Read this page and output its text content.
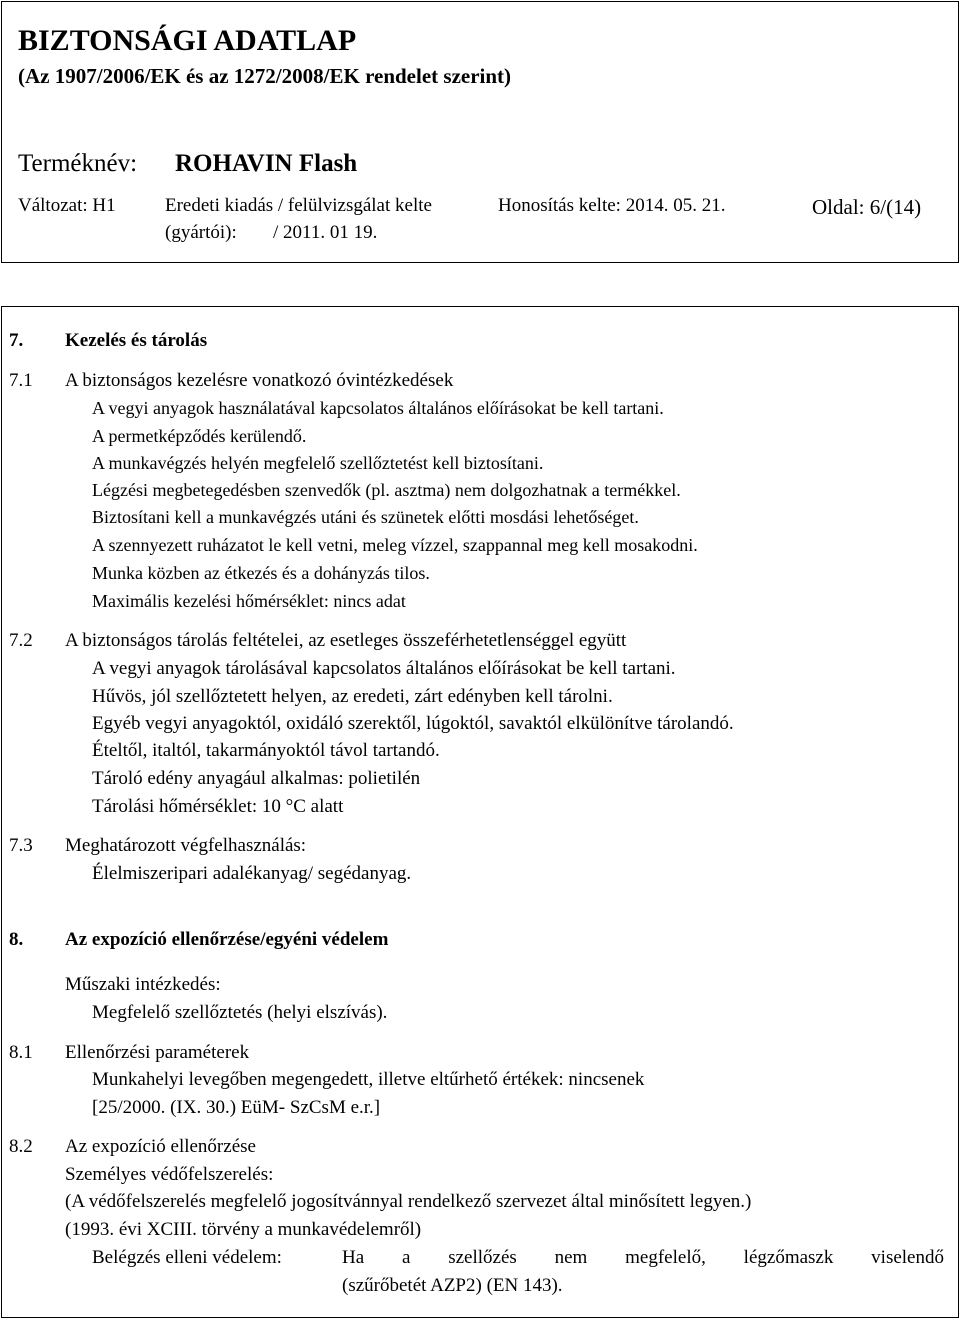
BIZTONSÁGI ADATLAP
(Az 1907/2006/EK és az 1272/2008/EK rendelet szerint)
Terméknév: ROHAVIN Flash
Változat: H1	Eredeti kiadás / felülvizsgálat kelte
(gyártói): / 2011. 01 19.
Honosítás kelte: 2014. 05. 21.	Oldal: 6/(14)
7. Kezelés és tárolás
7.1 A biztonságos kezelésre vonatkozó óvintézkedések
A vegyi anyagok használatával kapcsolatos általános előírásokat be kell tartani.
A permetképződés kerülendő.
A munkavégzés helyén megfelelő szellőztetést kell biztosítani.
Légzési megbetegedésben szenvedők (pl. asztma) nem dolgozhatnak a termékkel.
Biztosítani kell a munkavégzés utáni és szünetek előtti mosdási lehetőséget.
A szennyezett ruházatot le kell vetni, meleg vízzel, szappannal meg kell mosakodni.
Munka közben az étkezés és a dohányzás tilos.
Maximális kezelési hőmérséklet: nincs adat
7.2 A biztonságos tárolás feltételei, az esetleges összeférhetetlenséggel együtt
A vegyi anyagok tárolásával kapcsolatos általános előírásokat be kell tartani.
Hűvös, jól szellőztetett helyen, az eredeti, zárt edényben kell tárolni.
Egyéb vegyi anyagoktól, oxidáló szerektől, lúgoktól, savaktól elkülönítve tárolandó.
Ételtől, italtól, takarmányoktól távol tartandó.
Tároló edény anyagául alkalmas: polietilén
Tárolási hőmérséklet: 10 °C alatt
7.3 Meghatározott végfelhasználás:
Élelmiszeripari adalékanyag/ segédanyag.
8. Az expozíció ellenőrzése/egyéni védelem
Műszaki intézkedés:
Megfelelő szellőztetés (helyi elszívás).
8.1 Ellenőrzési paraméterek
Munkahelyi levegőben megengedett, illetve eltűrhető értékek: nincsenek
[25/2000. (IX. 30.) EüM- SzCsM e.r.]
8.2 Az expozíció ellenőrzése
Személyes védőfelszerelés:
(A védőfelszerelés megfelelő jogosítvánnyal rendelkező szervezet által minősített legyen.)
(1993. évi XCIII. törvény a munkavédelemről)
Belégzés elleni védelem:	Ha a szellőzés nem megfelelő, légzőmaszk viselendő
(szűrőbetét AZP2) (EN 143).
